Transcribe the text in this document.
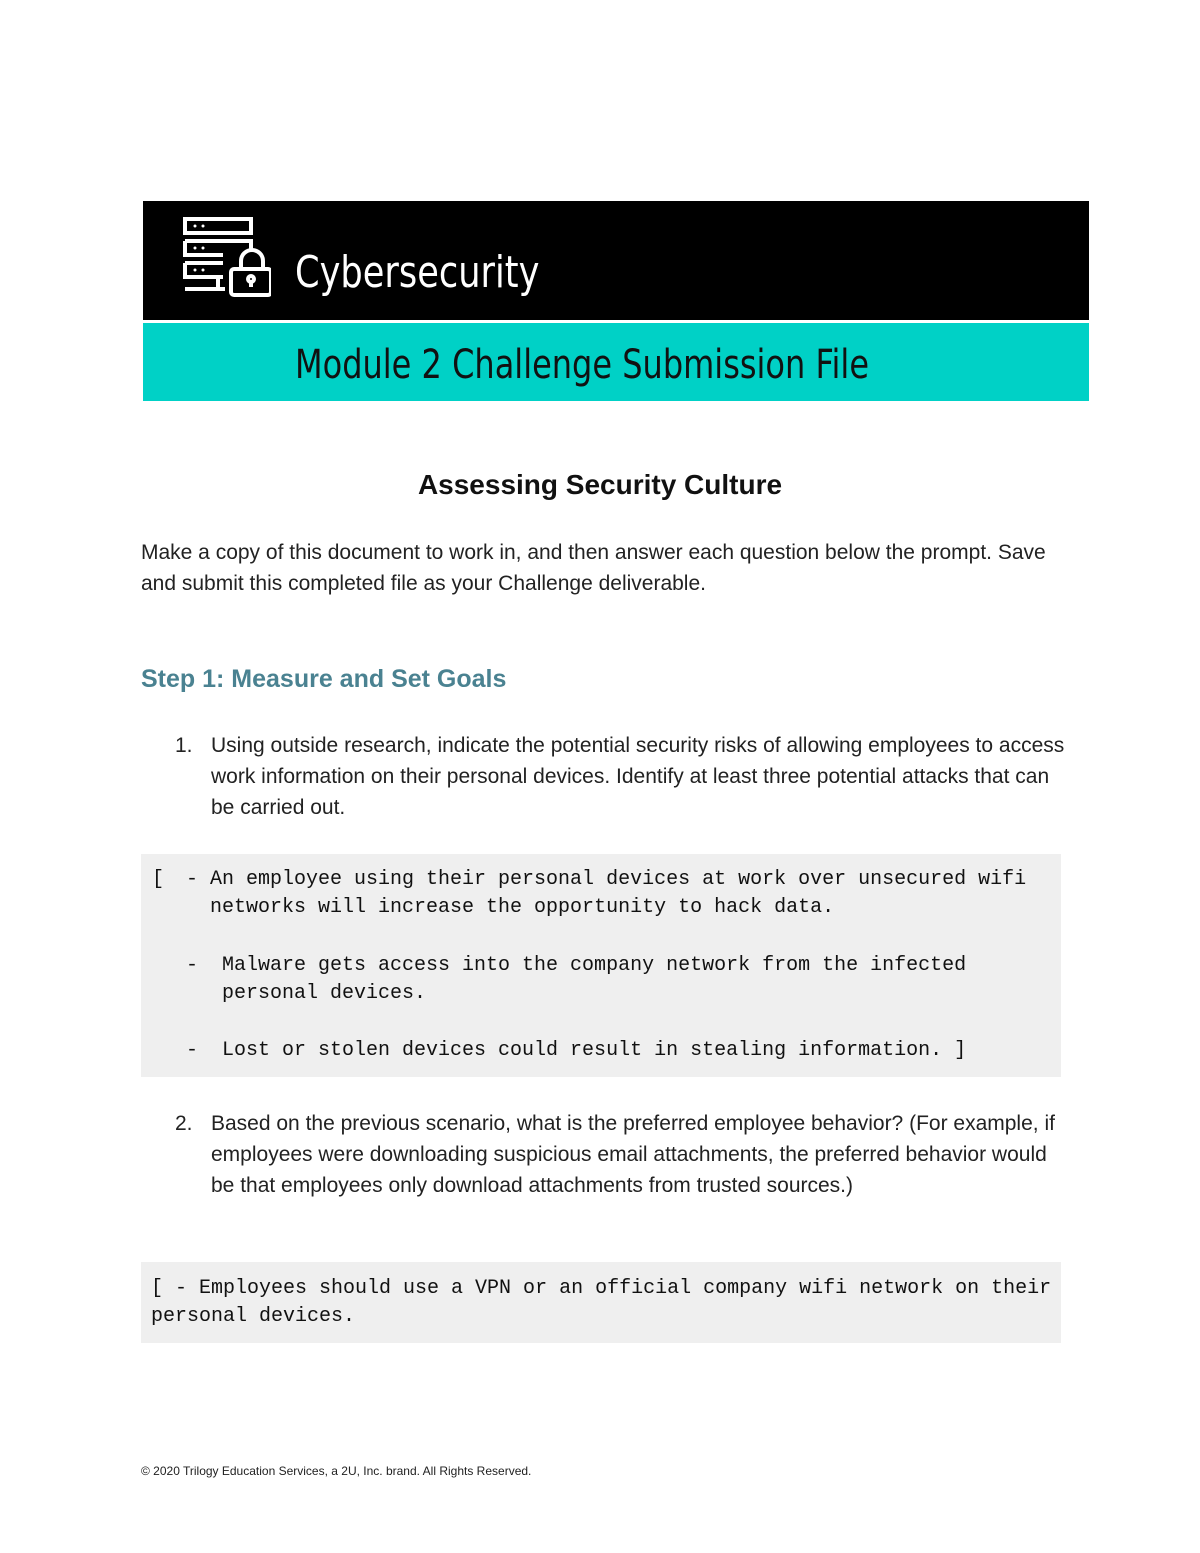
Cybersecurity
Module 2 Challenge Submission File
Assessing Security Culture

Make a copy of this document to work in, and then answer each question below the prompt. Save and submit this completed file as your Challenge deliverable.

Step 1: Measure and Set Goals
1. Using outside research, indicate the potential security risks of allowing employees to access work information on their personal devices. Identify at least three potential attacks that can be carried out.
[ - An employee using their personal devices at work over unsecured wifi
networks will increase the opportunity to hack data.
- Malware gets access into the company network from the infected
personal devices.
- Lost or stolen devices could result in stealing information. ]
2. Based on the previous scenario, what is the preferred employee behavior? (For example, if employees were downloading suspicious email attachments, the preferred behavior would be that employees only download attachments from trusted sources.)
[ - Employees should use a VPN or an official company wifi network on their
personal devices.
© 2020 Trilogy Education Services, a 2U, Inc. brand. All Rights Reserved.
